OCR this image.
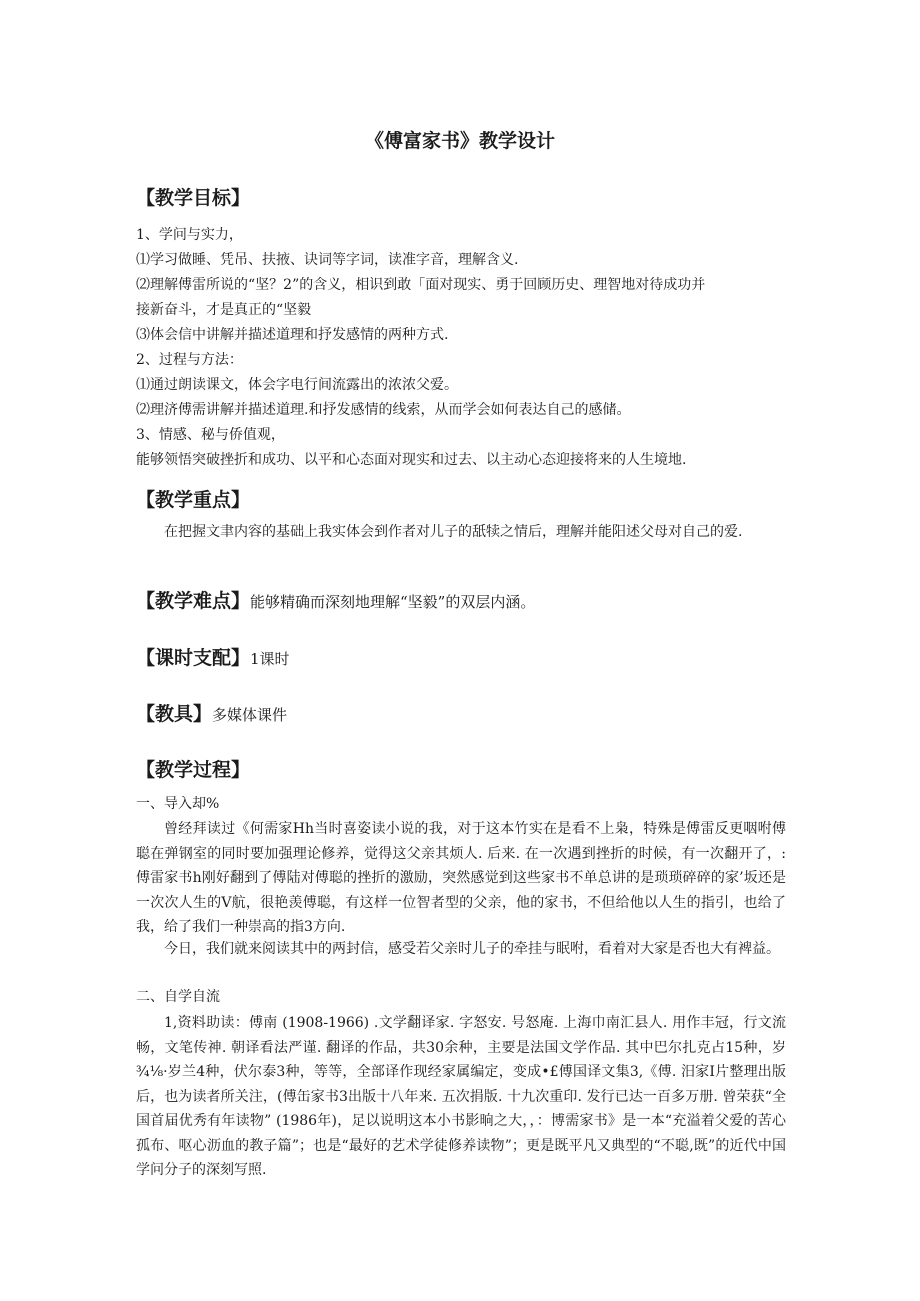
《傅富家书》教学设计
【教学目标】
1、学问与实力，
⑴学习做睡、凭吊、扶掖、诀词等字词，读准字音，理解含义.
⑵理解傅雷所说的“坚？2”的含义，相识到敢「面对现实、勇于回顾历史、理智地对待成功并
接新奋斗，才是真正的“坚毅
⑶体会信中讲解并描述道理和抒发感情的两种方式.
2、过程与方法：
⑴通过朗读课文，体会字电行间流露出的浓浓父爱。
⑵理济傅需讲解并描述道理.和抒发感情的线索，从而学会如何表达自己的感储。
3、情感、秘与侨值观，
能够领悟突破挫折和成功、以平和心态面对现实和过去、以主动心态迎接将来的人生境地.
【教学重点】
在把握文聿内容的基础上我实体会到作者对儿子的舐犊之情后，理解并能阳述父母对自己的爱.
【教学难点】能够精确而深刻地理解“坚毅”的双层内涵。
【课时支配】1课时
【教具】多媒体课件
【教学过程】
一、导入却%
曾经拜读过《何需家Hh当时喜姿读小说的我，对于这本竹实在是看不上枭，特殊是傅雷反更咽咐傅聪在弹钢室的同时要加强理论修养，觉得这父亲其烦人. 后来. 在一次遇到挫折的时候，有一次翻开了，:傅雷家书h刚好翻到了傅陆对傅聪的挫折的激励，突然感觉到这些家书不单总讲的是琐琐碎碎的家’坂还是一次次人生的V航，很艳羡傅聪，有这样一位智者型的父亲，他的家书，不但给他以人生的指引，也给了我，给了我们一种崇高的指3方向.
今日，我们就来阅读其中的两封信，感受若父亲时儿子的牵挂与眠咐，看着对大家是否也大有裨益。
二、自学自流
1,资料助读：傅南 (1908-1966) .文学翻译家. 字怒安. 号怒庵. 上海巾南汇县人. 用作丰冠，行文流畅，文笔传神. 朝译看法严谨. 翻译的作品，共30余种，主要是法国文学作品. 其中巴尔扎克占15种，岁¾⅛·岁兰4种，伏尔泰3种，等等，全部译作现经家属编定，变成•£傅国译文集3,《傅. 汨家I片整理出版后，也为读者所关注，(傅缶家书3出版十八年来. 五次捐版. 十九次重印. 发行已达一百多万册. 曾荣获“全国首届优秀有年读物” (1986年)，足以说明这本小书影晌之大，，：博需家书》是一本“充溢着父爱的苦心孤布、呕心沥血的教子篇”；也是“最好的艺术学徒修养读物”；更是既平凡又典型的“不聪,既”的近代中国学问分子的深刻写照.
